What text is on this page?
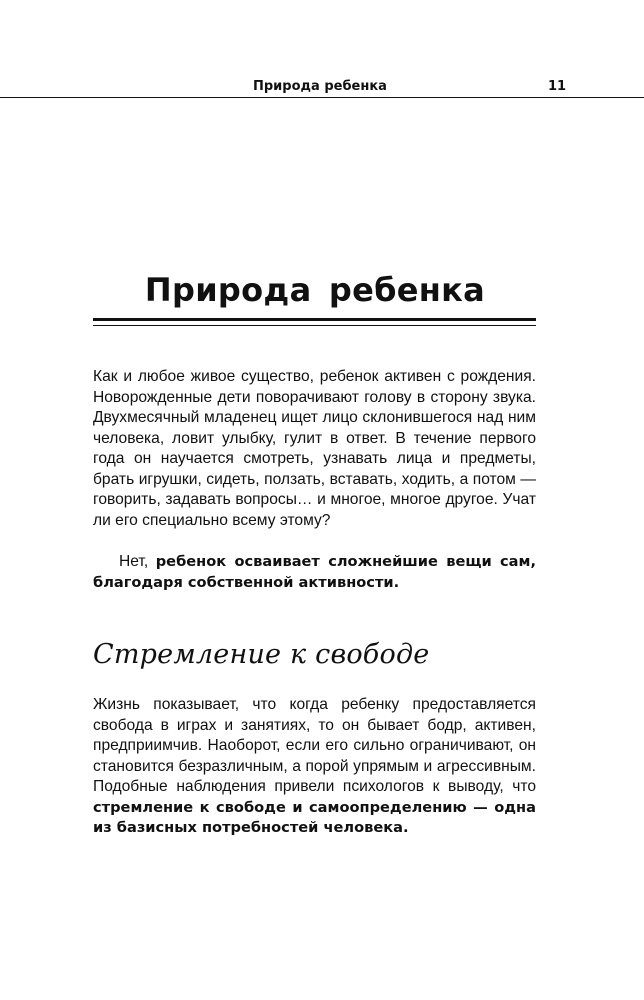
Природа ребенка	11
Природа ребенка

Как и любое живое существо, ребенок активен с рождения. Новорожденные дети поворачивают голову в сторону звука. Двухмесячный младенец ищет лицо склонившегося над ним человека, ловит улыбку, гулит в ответ. В течение первого года он научается смотреть, узнавать лица и предметы, брать игрушки, сидеть, ползать, вставать, ходить, а потом — говорить, задавать вопросы… и многое, многое другое. Учат ли его специально всему этому?

Нет, ребенок осваивает сложнейшие вещи сам, благодаря собственной активности.

Стремление к свободе

Жизнь показывает, что когда ребенку предоставляется свобода в играх и занятиях, то он бывает бодр, активен, предприимчив. Наоборот, если его сильно ограничивают, он становится безразличным, а порой упрямым и агрессивным. Подобные наблюдения привели психологов к выводу, что стремление к свободе и самоопределению — одна из базисных потребностей человека.
